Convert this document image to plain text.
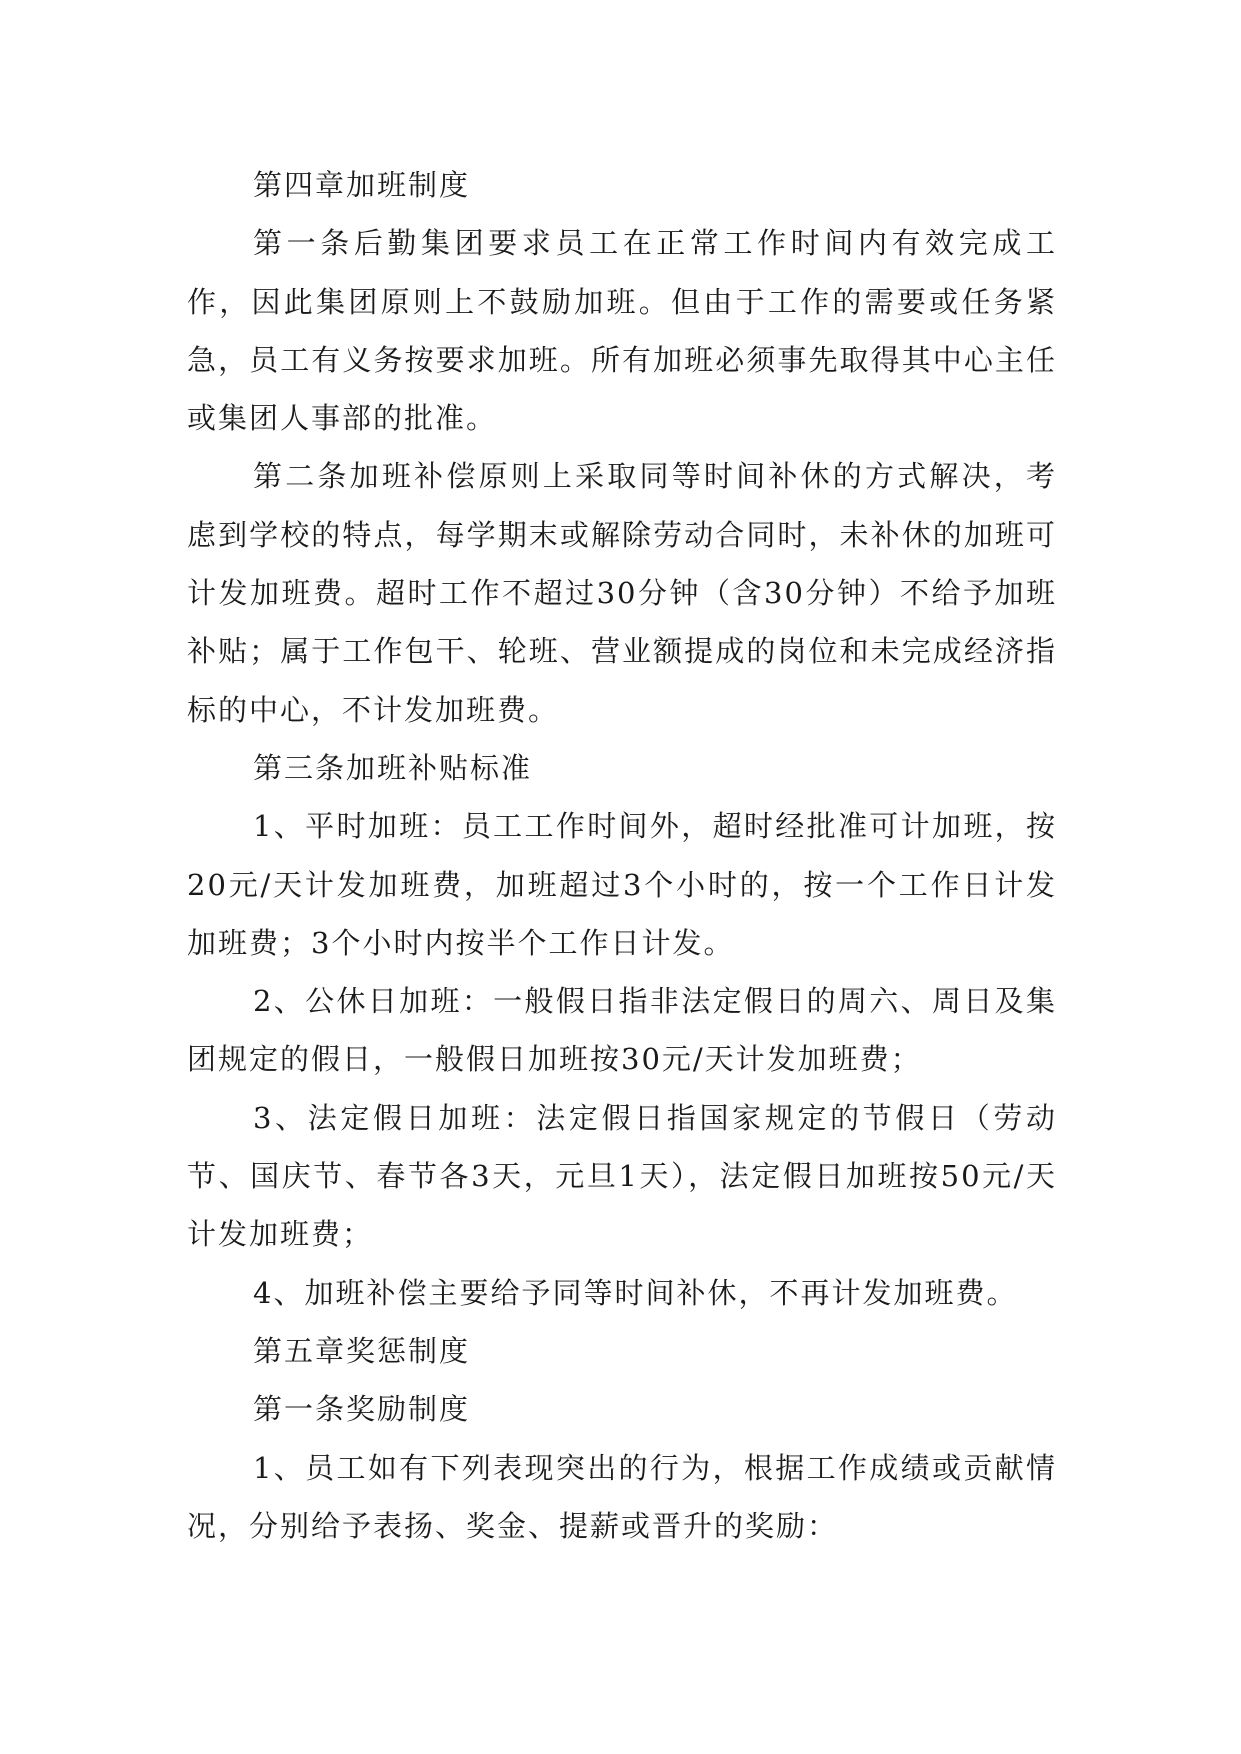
第四章加班制度

第一条后勤集团要求员工在正常工作时间内有效完成工作，因此集团原则上不鼓励加班。但由于工作的需要或任务紧急，员工有义务按要求加班。所有加班必须事先取得其中心主任或集团人事部的批准。

第二条加班补偿原则上采取同等时间补休的方式解决，考虑到学校的特点，每学期末或解除劳动合同时，未补休的加班可计发加班费。超时工作不超过30分钟（含30分钟）不给予加班补贴；属于工作包干、轮班、营业额提成的岗位和未完成经济指标的中心，不计发加班费。

第三条加班补贴标准

1、平时加班：员工工作时间外，超时经批准可计加班，按20元/天计发加班费，加班超过3个小时的，按一个工作日计发加班费；3个小时内按半个工作日计发。

2、公休日加班：一般假日指非法定假日的周六、周日及集团规定的假日，一般假日加班按30元/天计发加班费；

3、法定假日加班：法定假日指国家规定的节假日（劳动节、国庆节、春节各3天，元旦1天），法定假日加班按50元/天计发加班费；

4、加班补偿主要给予同等时间补休，不再计发加班费。

第五章奖惩制度

第一条奖励制度

1、员工如有下列表现突出的行为，根据工作成绩或贡献情况，分别给予表扬、奖金、提薪或晋升的奖励：
